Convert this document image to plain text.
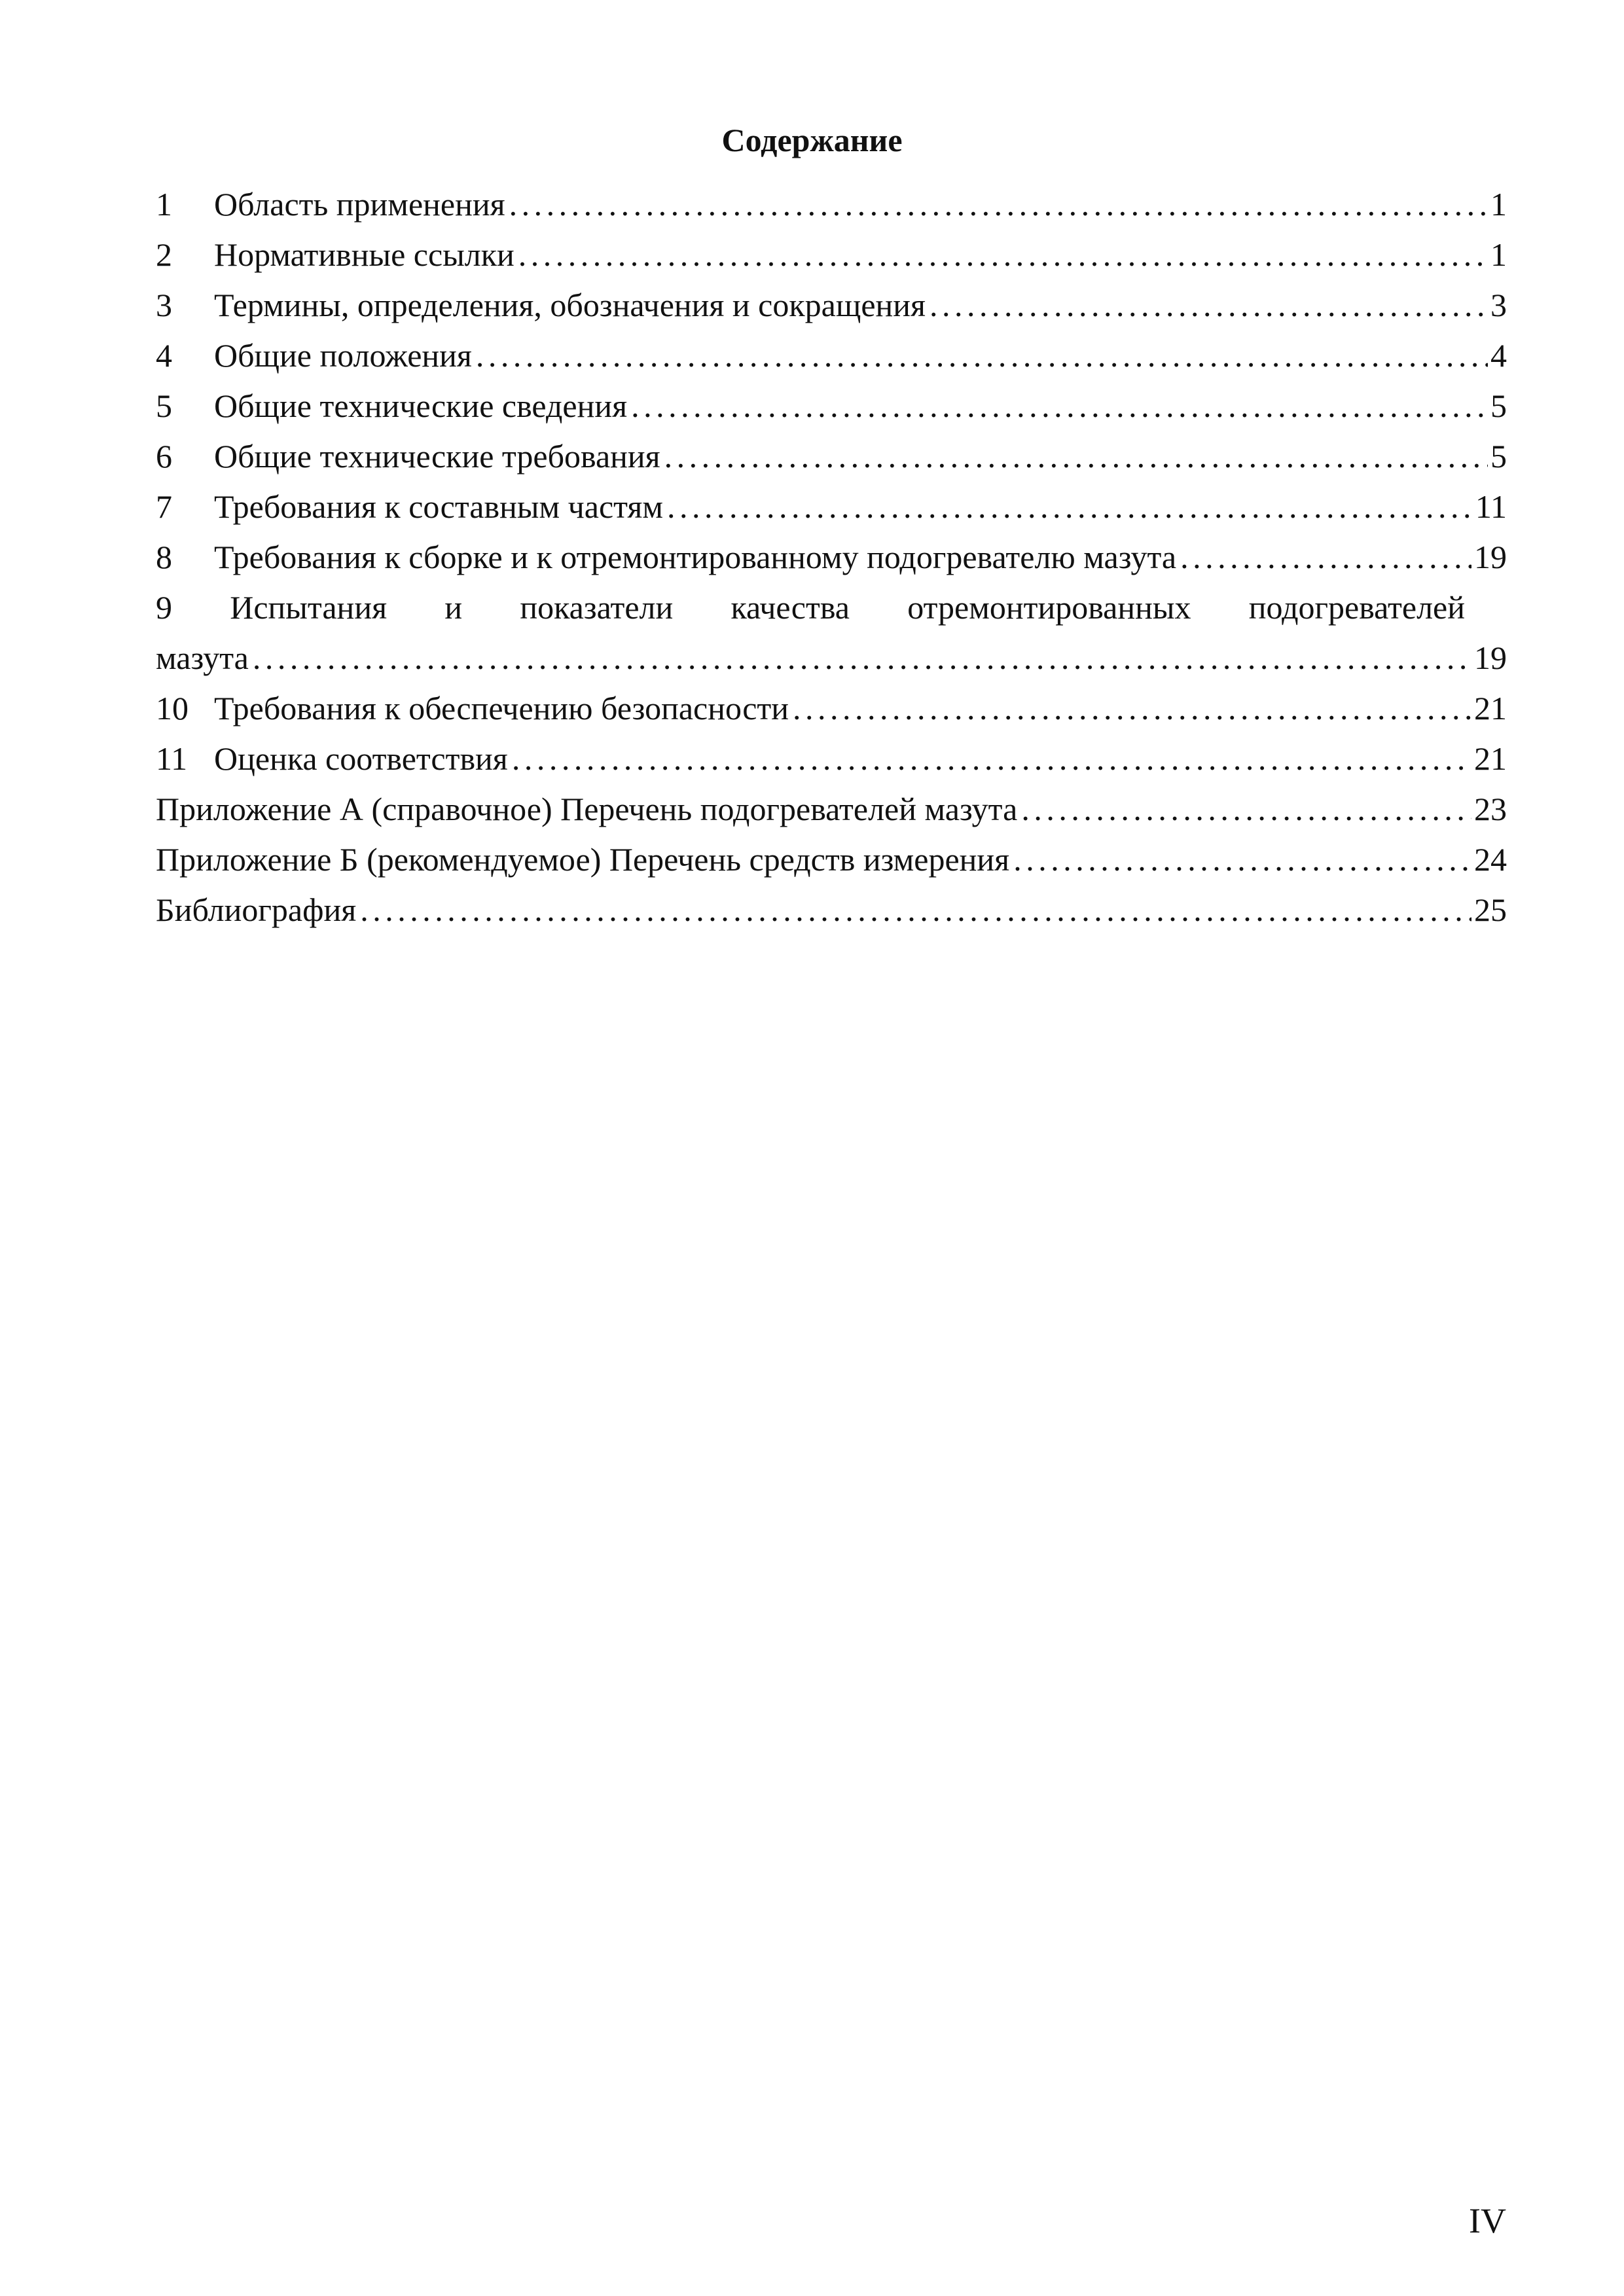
Содержание
1	Область применения . . .	1
2	Нормативные ссылки . . .	1
3	Термины, определения, обозначения и сокращения . . .	3
4	Общие положения . . .	4
5	Общие технические сведения . . .	5
6	Общие технические требования . . .	5
7	Требования к составным частям . . .	11
8	Требования к сборке и к отремонтированному подогревателю мазута . . .	19
9 Испытания и показатели качества отремонтированных подогревателей
мазута . . .	19
10 Требования к обеспечению безопасности . . .	21
11 Оценка соответствия . . .	21
Приложение А (справочное) Перечень подогревателей мазута . . .	23
Приложение Б (рекомендуемое) Перечень средств измерения . . .	24
Библиография . . .	25
IV
